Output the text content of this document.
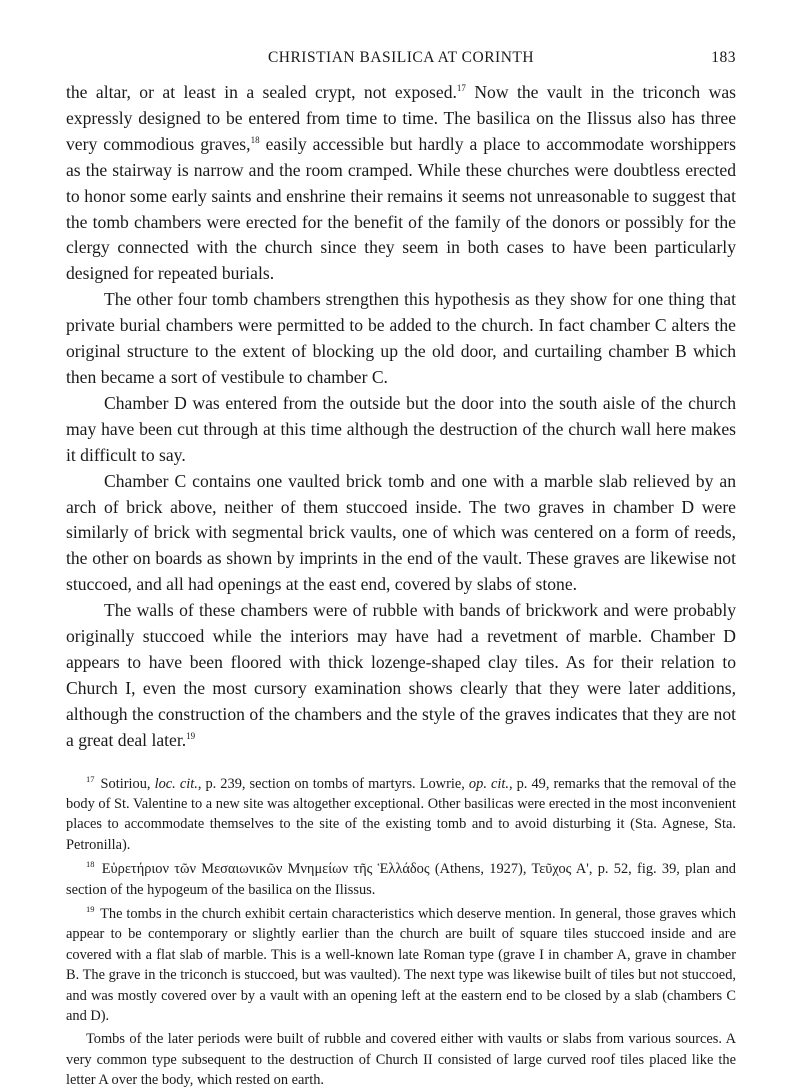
CHRISTIAN BASILICA AT CORINTH	183

the altar, or at least in a sealed crypt, not exposed.$^{17}$ Now the vault in the triconch was expressly designed to be entered from time to time. The basilica on the Ilissus also has three very commodious graves,$^{18}$ easily accessible but hardly a place to accommodate worshippers as the stairway is narrow and the room cramped. While these churches were doubtless erected to honor some early saints and enshrine their remains it seems not unreasonable to suggest that the tomb chambers were erected for the benefit of the family of the donors or possibly for the clergy connected with the church since they seem in both cases to have been particularly designed for repeated burials.

The other four tomb chambers strengthen this hypothesis as they show for one thing that private burial chambers were permitted to be added to the church. In fact chamber C alters the original structure to the extent of blocking up the old door, and curtailing chamber B which then became a sort of vestibule to chamber C.

Chamber D was entered from the outside but the door into the south aisle of the church may have been cut through at this time although the destruction of the church wall here makes it difficult to say.

Chamber C contains one vaulted brick tomb and one with a marble slab relieved by an arch of brick above, neither of them stuccoed inside. The two graves in chamber D were similarly of brick with segmental brick vaults, one of which was centered on a form of reeds, the other on boards as shown by imprints in the end of the vault. These graves are likewise not stuccoed, and all had openings at the east end, covered by slabs of stone.

The walls of these chambers were of rubble with bands of brickwork and were probably originally stuccoed while the interiors may have had a revetment of marble. Chamber D appears to have been floored with thick lozenge-shaped clay tiles. As for their relation to Church I, even the most cursory examination shows clearly that they were later additions, although the construction of the chambers and the style of the graves indicates that they are not a great deal later.$^{19}$

$^{17}$ Sotiriou, loc. cit., p. 239, section on tombs of martyrs. Lowrie, op. cit., p. 49, remarks that the removal of the body of St. Valentine to a new site was altogether exceptional. Other basilicas were erected in the most inconvenient places to accommodate themselves to the site of the existing tomb and to avoid disturbing it (Sta. Agnese, Sta. Petronilla).

$^{18}$ Εὑρετήριον τῶν Μεσαιωνικῶν Μνημείων τῆς Ἑλλάδος (Athens, 1927), Τεῦχος Α', p. 52, fig. 39, plan and section of the hypogeum of the basilica on the Ilissus.

$^{19}$ The tombs in the church exhibit certain characteristics which deserve mention. In general, those graves which appear to be contemporary or slightly earlier than the church are built of square tiles stuccoed inside and are covered with a flat slab of marble. This is a well-known late Roman type (grave I in chamber A, grave in chamber B. The grave in the triconch is stuccoed, but was vaulted). The next type was likewise built of tiles but not stuccoed, and was mostly covered over by a vault with an opening left at the eastern end to be closed by a slab (chambers C and D).

Tombs of the later periods were built of rubble and covered either with vaults or slabs from various sources. A very common type subsequent to the destruction of Church II consisted of large curved roof tiles placed like the letter A over the body, which rested on earth.
